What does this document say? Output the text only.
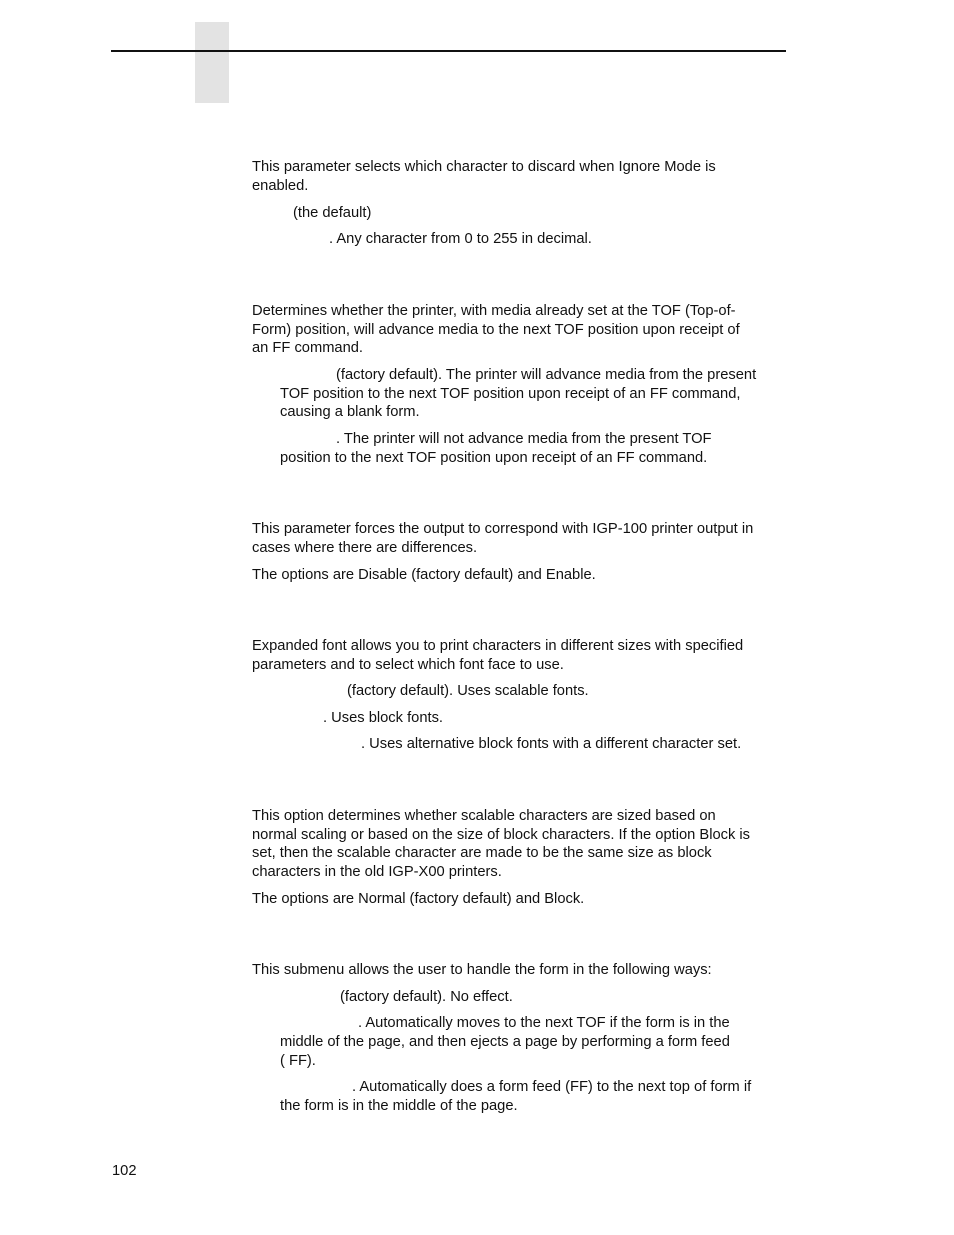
This parameter selects which character to discard when Ignore Mode is

enabled.

(the default)

. Any character from 0 to 255 in decimal.

Determines whether the printer, with media already set at the TOF (Top-of-

Form) position, will advance media to the next TOF position upon receipt of

an FF command.

(factory default). The printer will advance media from the present

TOF position to the next TOF position upon receipt of an FF command,

causing a blank form.

. The printer will not advance media from the present TOF

position to the next TOF position upon receipt of an FF command.

This parameter forces the output to correspond with IGP-100 printer output in

cases where there are differences.

The options are Disable (factory default) and Enable.

Expanded font allows you to print characters in different sizes with specified

parameters and to select which font face to use.

(factory default). Uses scalable fonts.

. Uses block fonts.

. Uses alternative block fonts with a different character set.

This option determines whether scalable characters are sized based on

normal scaling or based on the size of block characters. If the option Block is

set, then the scalable character are made to be the same size as block

characters in the old IGP-X00 printers.

The options are Normal (factory default) and Block.

This submenu allows the user to handle the form in the following ways:

(factory default). No effect.

. Automatically moves to the next TOF if the form is in the

middle of the page, and then ejects a page by performing a form feed

( FF).

. Automatically does a form feed (FF) to the next top of form if

the form is in the middle of the page.

102
